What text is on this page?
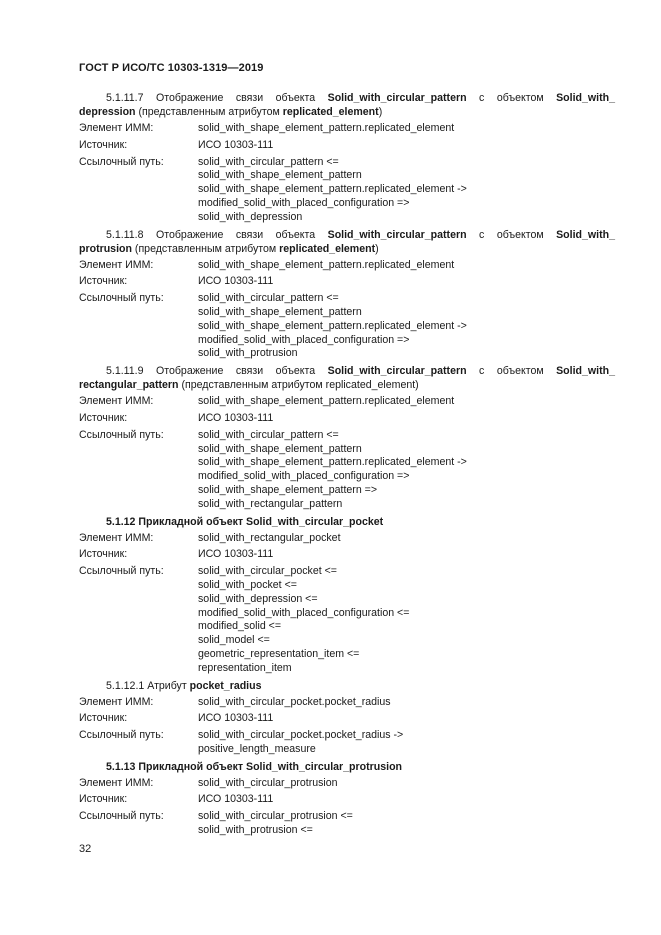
ГОСТ Р ИСО/ТС 10303-1319—2019
5.1.11.7 Отображение связи объекта Solid_with_circular_pattern с объектом Solid_with_
depression (представленным атрибутом replicated_element)
Элемент ИММ:	solid_with_shape_element_pattern.replicated_element
Источник:	ИСО 10303-111
Ссылочный путь:	solid_with_circular_pattern <=
solid_with_shape_element_pattern
solid_with_shape_element_pattern.replicated_element ->
modified_solid_with_placed_configuration =>
solid_with_depression
5.1.11.8 Отображение связи объекта Solid_with_circular_pattern с объектом Solid_with_
protrusion (представленным атрибутом replicated_element)
Элемент ИММ:	solid_with_shape_element_pattern.replicated_element
Источник:	ИСО 10303-111
Ссылочный путь:	solid_with_circular_pattern <=
solid_with_shape_element_pattern
solid_with_shape_element_pattern.replicated_element ->
modified_solid_with_placed_configuration =>
solid_with_protrusion
5.1.11.9 Отображение связи объекта Solid_with_circular_pattern с объектом Solid_with_
rectangular_pattern (представленным атрибутом replicated_element)
Элемент ИММ:	solid_with_shape_element_pattern.replicated_element
Источник:	ИСО 10303-111
Ссылочный путь:	solid_with_circular_pattern <=
solid_with_shape_element_pattern
solid_with_shape_element_pattern.replicated_element ->
modified_solid_with_placed_configuration =>
solid_with_shape_element_pattern =>
solid_with_rectangular_pattern
5.1.12 Прикладной объект Solid_with_circular_pocket
Элемент ИММ:	solid_with_rectangular_pocket
Источник:	ИСО 10303-111
Ссылочный путь:	solid_with_circular_pocket <=
solid_with_pocket <=
solid_with_depression <=
modified_solid_with_placed_configuration <=
modified_solid <=
solid_model <=
geometric_representation_item <=
representation_item
5.1.12.1 Атрибут pocket_radius
Элемент ИММ:	solid_with_circular_pocket.pocket_radius
Источник:	ИСО 10303-111
Ссылочный путь:	solid_with_circular_pocket.pocket_radius ->
positive_length_measure
5.1.13 Прикладной объект Solid_with_circular_protrusion
Элемент ИММ:	solid_with_circular_protrusion
Источник:	ИСО 10303-111
Ссылочный путь:	solid_with_circular_protrusion <=
solid_with_protrusion <=
32
